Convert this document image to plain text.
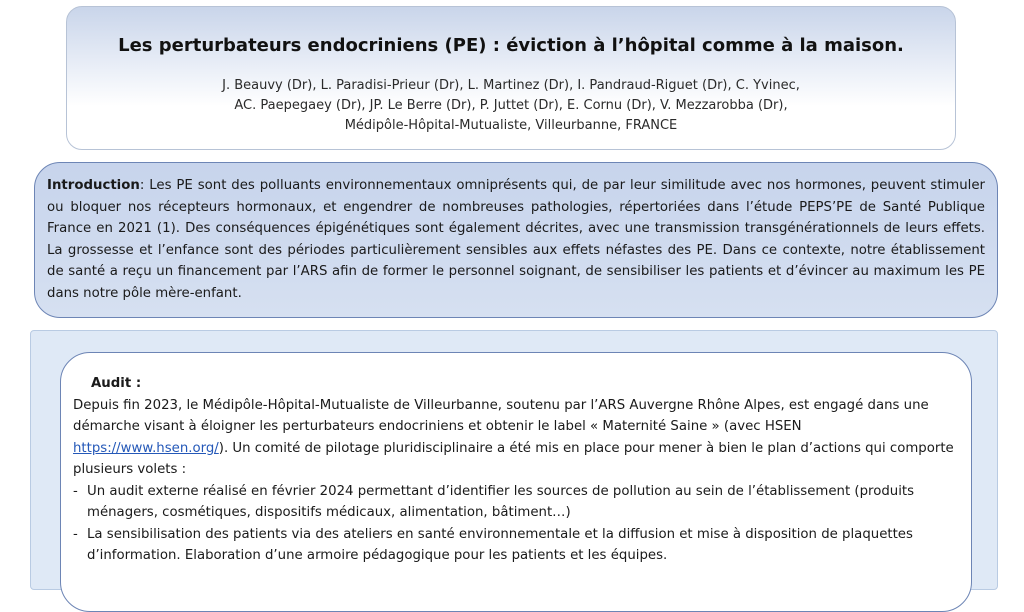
Les perturbateurs endocriniens (PE) : éviction à l’hôpital comme à la maison.
J. Beauvy (Dr), L. Paradisi-Prieur (Dr), L. Martinez (Dr), I. Pandraud-Riguet (Dr), C. Yvinec,
AC. Paepegaey (Dr), JP. Le Berre (Dr), P. Juttet (Dr), E. Cornu (Dr), V. Mezzarobba (Dr),
Médipôle-Hôpital-Mutualiste, Villeurbanne, FRANCE
Introduction: Les PE sont des polluants environnementaux omniprésents qui, de par leur similitude avec nos hormones, peuvent stimuler ou bloquer nos récepteurs hormonaux, et engendrer de nombreuses pathologies, répertoriées dans l’étude PEPS’PE de Santé Publique France en 2021 (1). Des conséquences épigénétiques sont également décrites, avec une transmission transgénérationnels de leurs effets. La grossesse et l’enfance sont des périodes particulièrement sensibles aux effets néfastes des PE. Dans ce contexte, notre établissement de santé a reçu un financement par l’ARS afin de former le personnel soignant, de sensibiliser les patients et d’évincer au maximum les PE dans notre pôle mère-enfant.
Audit :
Depuis fin 2023, le Médipôle-Hôpital-Mutualiste de Villeurbanne, soutenu par l’ARS Auvergne Rhône Alpes, est engagé dans une démarche visant à éloigner les perturbateurs endocriniens et obtenir le label « Maternité Saine » (avec HSEN https://www.hsen.org/). Un comité de pilotage pluridisciplinaire a été mis en place pour mener à bien le plan d’actions qui comporte plusieurs volets :
- Un audit externe réalisé en février 2024 permettant d’identifier les sources de pollution au sein de l’établissement (produits ménagers, cosmétiques, dispositifs médicaux, alimentation, bâtiment…)
- La sensibilisation des patients via des ateliers en santé environnementale et la diffusion et mise à disposition de plaquettes d’information. Elaboration d’une armoire pédagogique pour les patients et les équipes.
